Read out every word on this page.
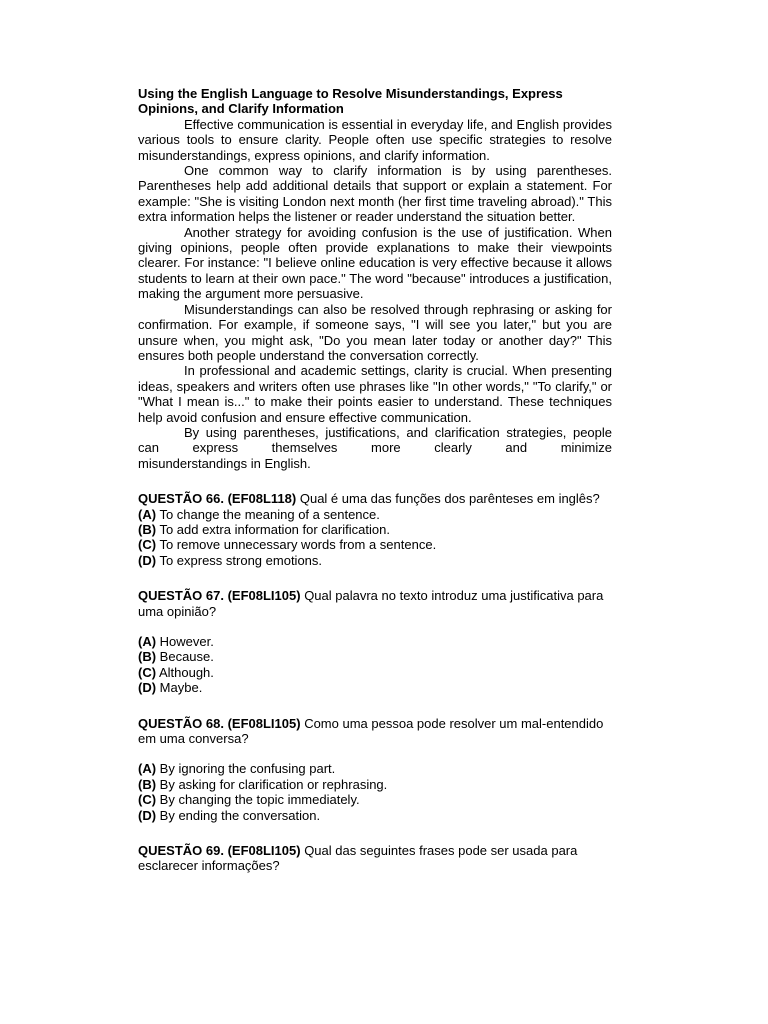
Using the English Language to Resolve Misunderstandings, Express Opinions, and Clarify Information

Effective communication is essential in everyday life, and English provides various tools to ensure clarity. People often use specific strategies to resolve misunderstandings, express opinions, and clarify information.

One common way to clarify information is by using parentheses. Parentheses help add additional details that support or explain a statement. For example: "She is visiting London next month (her first time traveling abroad)." This extra information helps the listener or reader understand the situation better.

Another strategy for avoiding confusion is the use of justification. When giving opinions, people often provide explanations to make their viewpoints clearer. For instance: "I believe online education is very effective because it allows students to learn at their own pace." The word "because" introduces a justification, making the argument more persuasive.

Misunderstandings can also be resolved through rephrasing or asking for confirmation. For example, if someone says, "I will see you later," but you are unsure when, you might ask, "Do you mean later today or another day?" This ensures both people understand the conversation correctly.

In professional and academic settings, clarity is crucial. When presenting ideas, speakers and writers often use phrases like "In other words," "To clarify," or "What I mean is..." to make their points easier to understand. These techniques help avoid confusion and ensure effective communication.

By using parentheses, justifications, and clarification strategies, people can express themselves more clearly and minimize

misunderstandings in English.

QUESTÃO 66. (EF08L118) Qual é uma das funções dos parênteses em inglês?

(A) To change the meaning of a sentence.

(B) To add extra information for clarification.

(C) To remove unnecessary words from a sentence.

(D) To express strong emotions.

QUESTÃO 67. (EF08LI105) Qual palavra no texto introduz uma justificativa para uma opinião?

(A) However.

(B) Because.

(C) Although.

(D) Maybe.

QUESTÃO 68. (EF08LI105) Como uma pessoa pode resolver um mal-entendido em uma conversa?

(A) By ignoring the confusing part.

(B) By asking for clarification or rephrasing.

(C) By changing the topic immediately.

(D) By ending the conversation.

QUESTÃO 69. (EF08LI105) Qual das seguintes frases pode ser usada para esclarecer informações?
